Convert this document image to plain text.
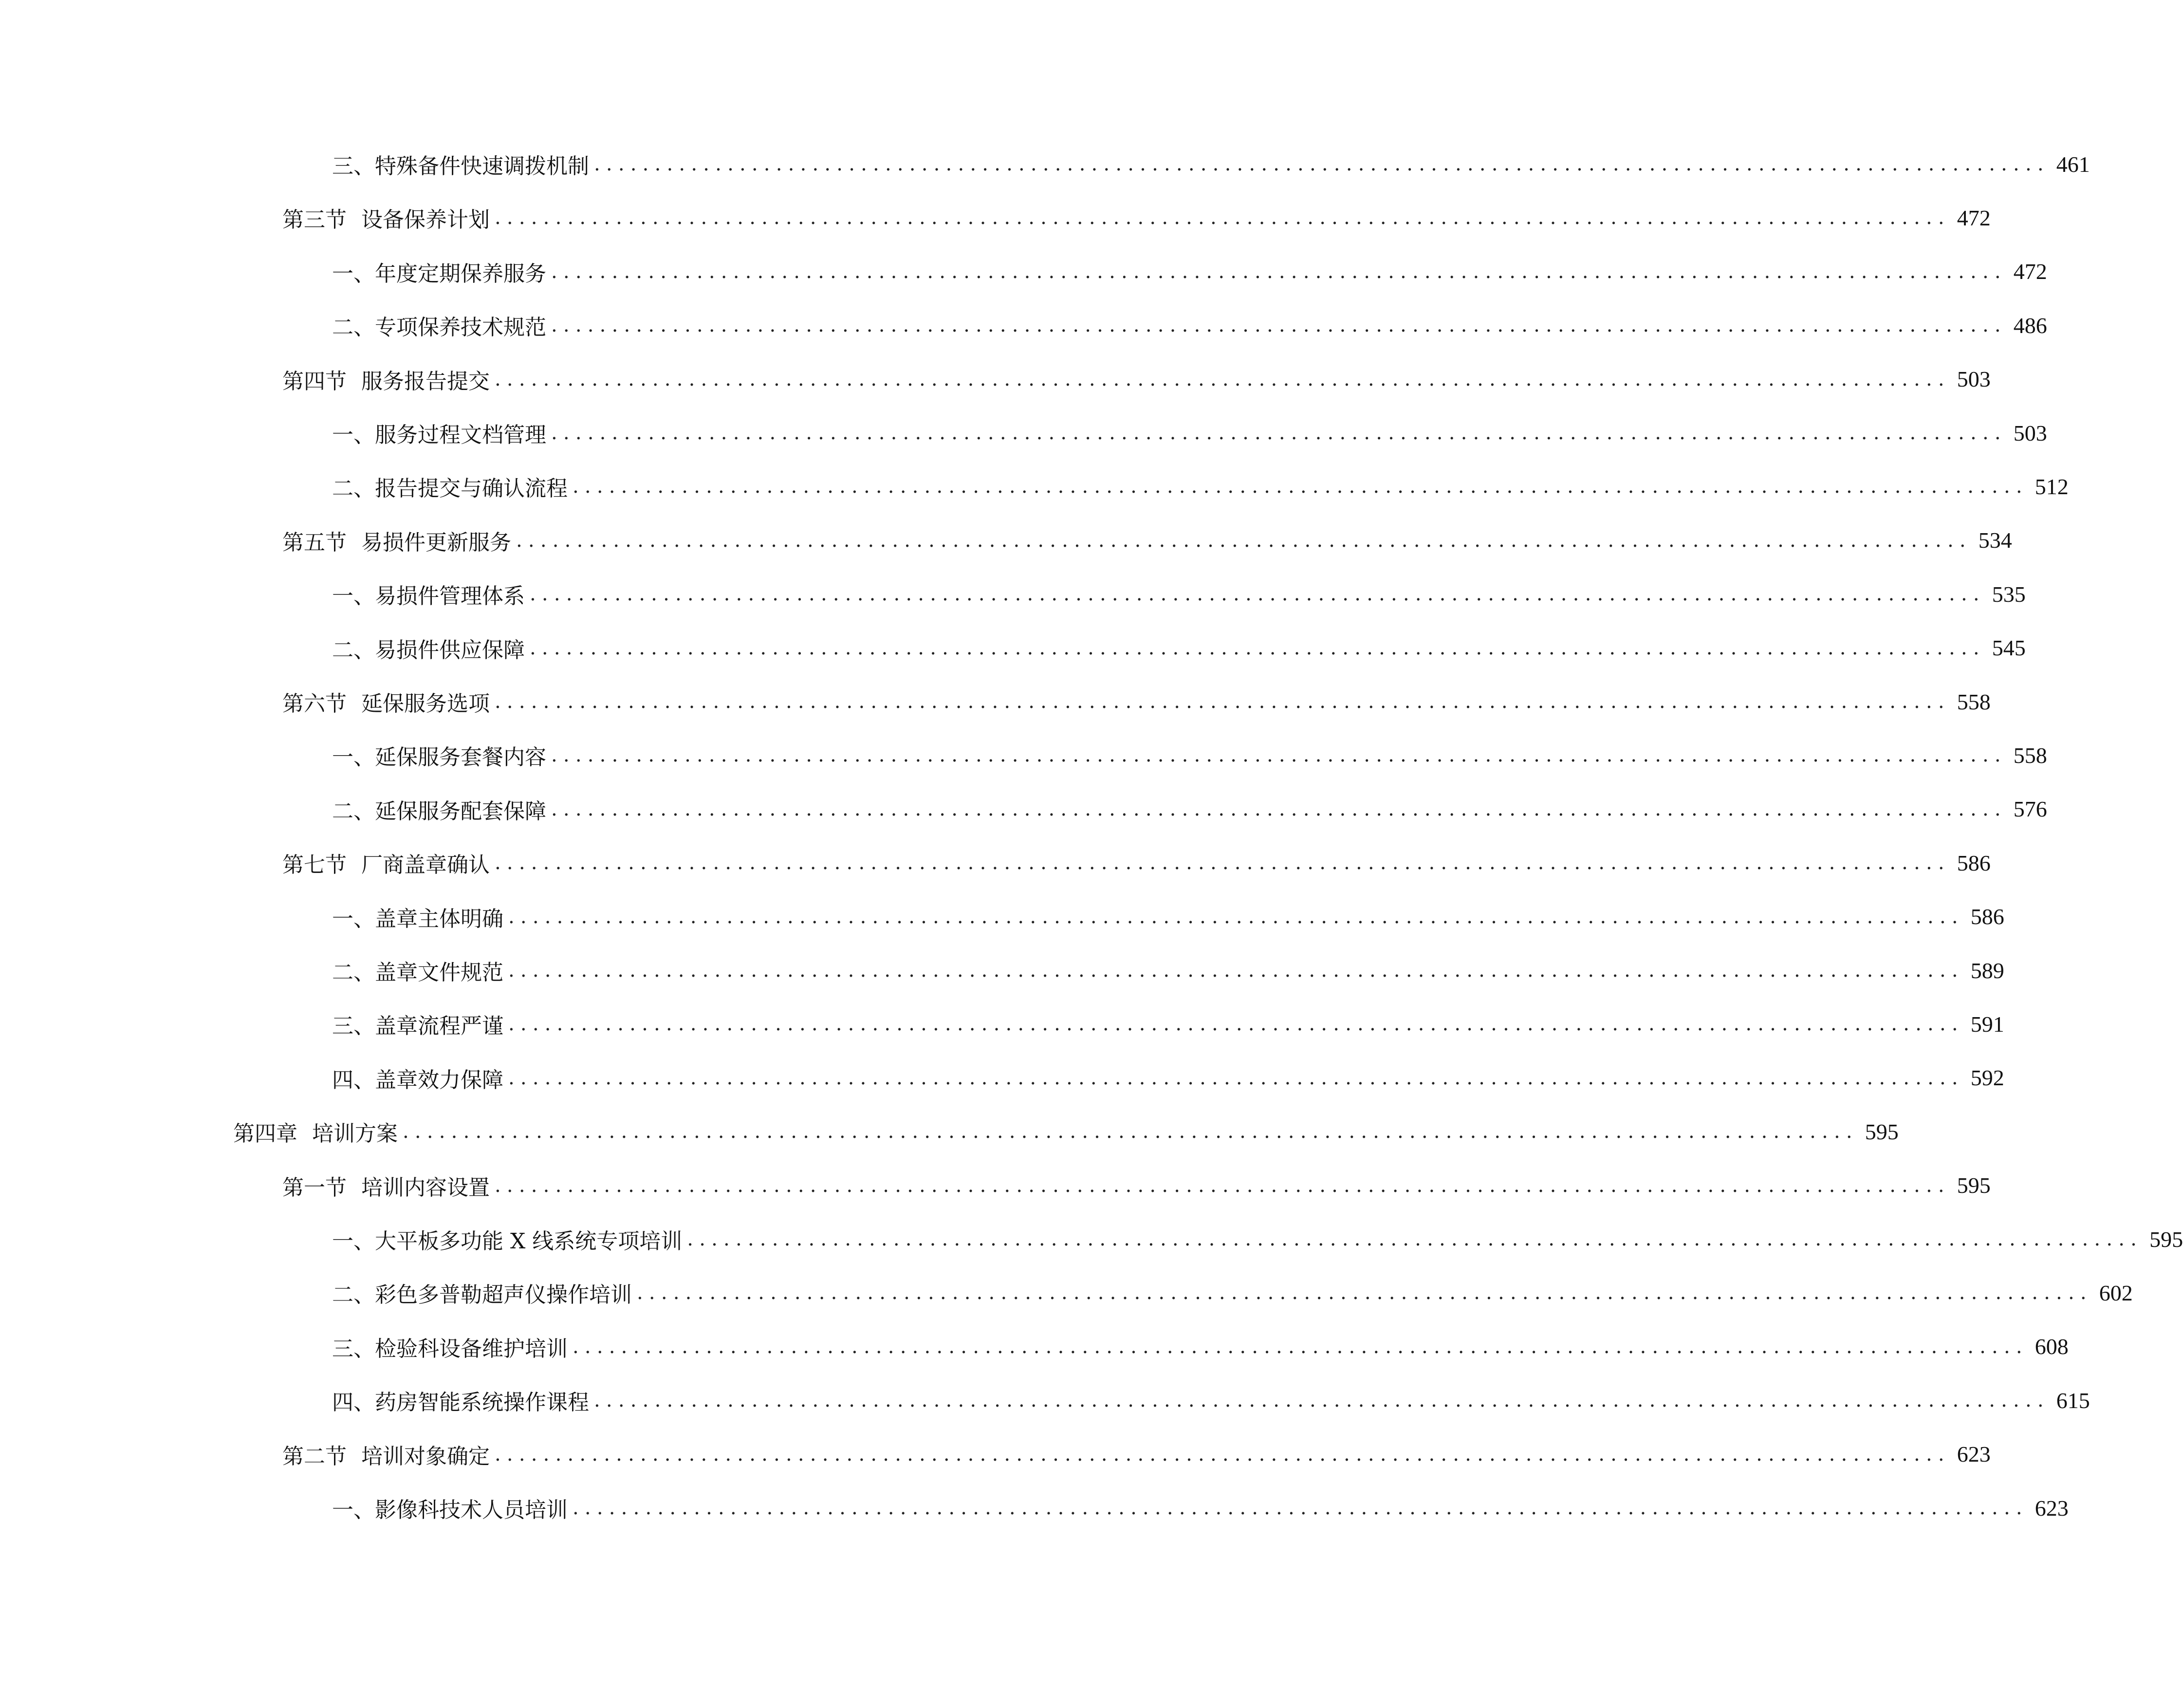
三、 特殊备件快速调拨机制 ........................................................................................................................ 461
第三节 设备保养计划 ........................................................................................................................ 472
一、 年度定期保养服务 ........................................................................................................................ 472
二、 专项保养技术规范 ........................................................................................................................ 486
第四节 服务报告提交 ........................................................................................................................ 503
一、 服务过程文档管理 ........................................................................................................................ 503
二、 报告提交与确认流程 ........................................................................................................................ 512
第五节 易损件更新服务 ........................................................................................................................ 534
一、 易损件管理体系 ........................................................................................................................ 535
二、 易损件供应保障 ........................................................................................................................ 545
第六节 延保服务选项 ........................................................................................................................ 558
一、 延保服务套餐内容 ........................................................................................................................ 558
二、 延保服务配套保障 ........................................................................................................................ 576
第七节 厂商盖章确认 ........................................................................................................................ 586
一、 盖章主体明确 ........................................................................................................................ 586
二、 盖章文件规范 ........................................................................................................................ 589
三、 盖章流程严谨 ........................................................................................................................ 591
四、 盖章效力保障 ........................................................................................................................ 592
第四章 培训方案 ........................................................................................................................ 595
第一节 培训内容设置 ........................................................................................................................ 595
一、 大平板多功能 X 线系统专项培训 ........................................................................................................................ 595
二、 彩色多普勒超声仪操作培训 ........................................................................................................................ 602
三、 检验科设备维护培训 ........................................................................................................................ 608
四、 药房智能系统操作课程 ........................................................................................................................ 615
第二节 培训对象确定 ........................................................................................................................ 623
一、 影像科技术人员培训 ........................................................................................................................ 623
